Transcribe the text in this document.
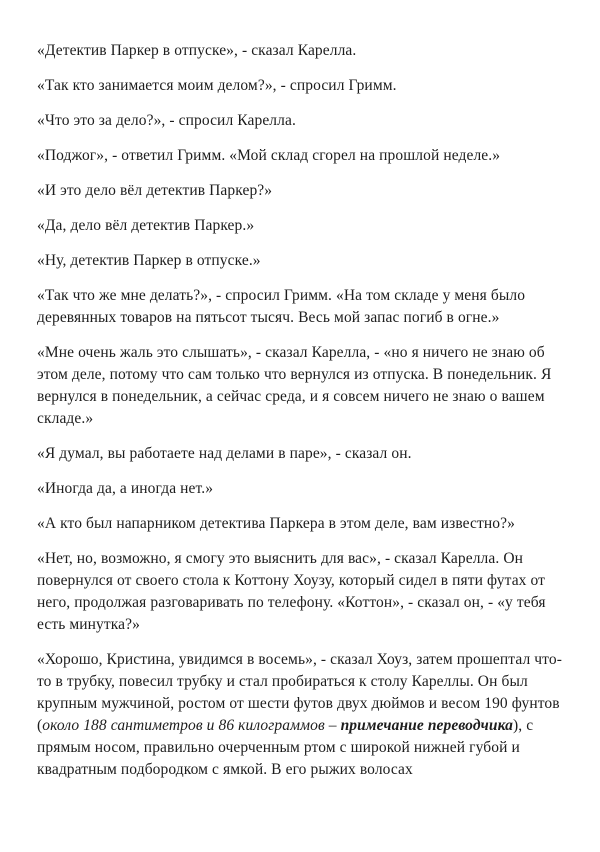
«Детектив Паркер в отпуске», - сказал Карелла.

«Так кто занимается моим делом?», - спросил Гримм.

«Что это за дело?», - спросил Карелла.

«Поджог», - ответил Гримм. «Мой склад сгорел на прошлой неделе.»

«И это дело вёл детектив Паркер?»

«Да, дело вёл детектив Паркер.»

«Ну, детектив Паркер в отпуске.»

«Так что же мне делать?», - спросил Гримм. «На том складе у меня было деревянных товаров на пятьсот тысяч. Весь мой запас погиб в огне.»

«Мне очень жаль это слышать», - сказал Карелла, - «но я ничего не знаю об этом деле, потому что сам только что вернулся из отпуска. В понедельник. Я вернулся в понедельник, а сейчас среда, и я совсем ничего не знаю о вашем складе.»

«Я думал, вы работаете над делами в паре», - сказал он.

«Иногда да, а иногда нет.»

«А кто был напарником детектива Паркера в этом деле, вам известно?»

«Нет, но, возможно, я смогу это выяснить для вас», - сказал Карелла. Он повернулся от своего стола к Коттону Хоузу, который сидел в пяти футах от него, продолжая разговаривать по телефону. «Коттон», - сказал он, - «у тебя есть минутка?»

«Хорошо, Кристина, увидимся в восемь», - сказал Хоуз, затем прошептал что-то в трубку, повесил трубку и стал пробираться к столу Кареллы. Он был крупным мужчиной, ростом от шести футов двух дюймов и весом 190 фунтов (около 188 сантиметров и 86 килограммов – примечание переводчика), с прямым носом, правильно очерченным ртом с широкой нижней губой и квадратным подбородком с ямкой. В его рыжих волосах
